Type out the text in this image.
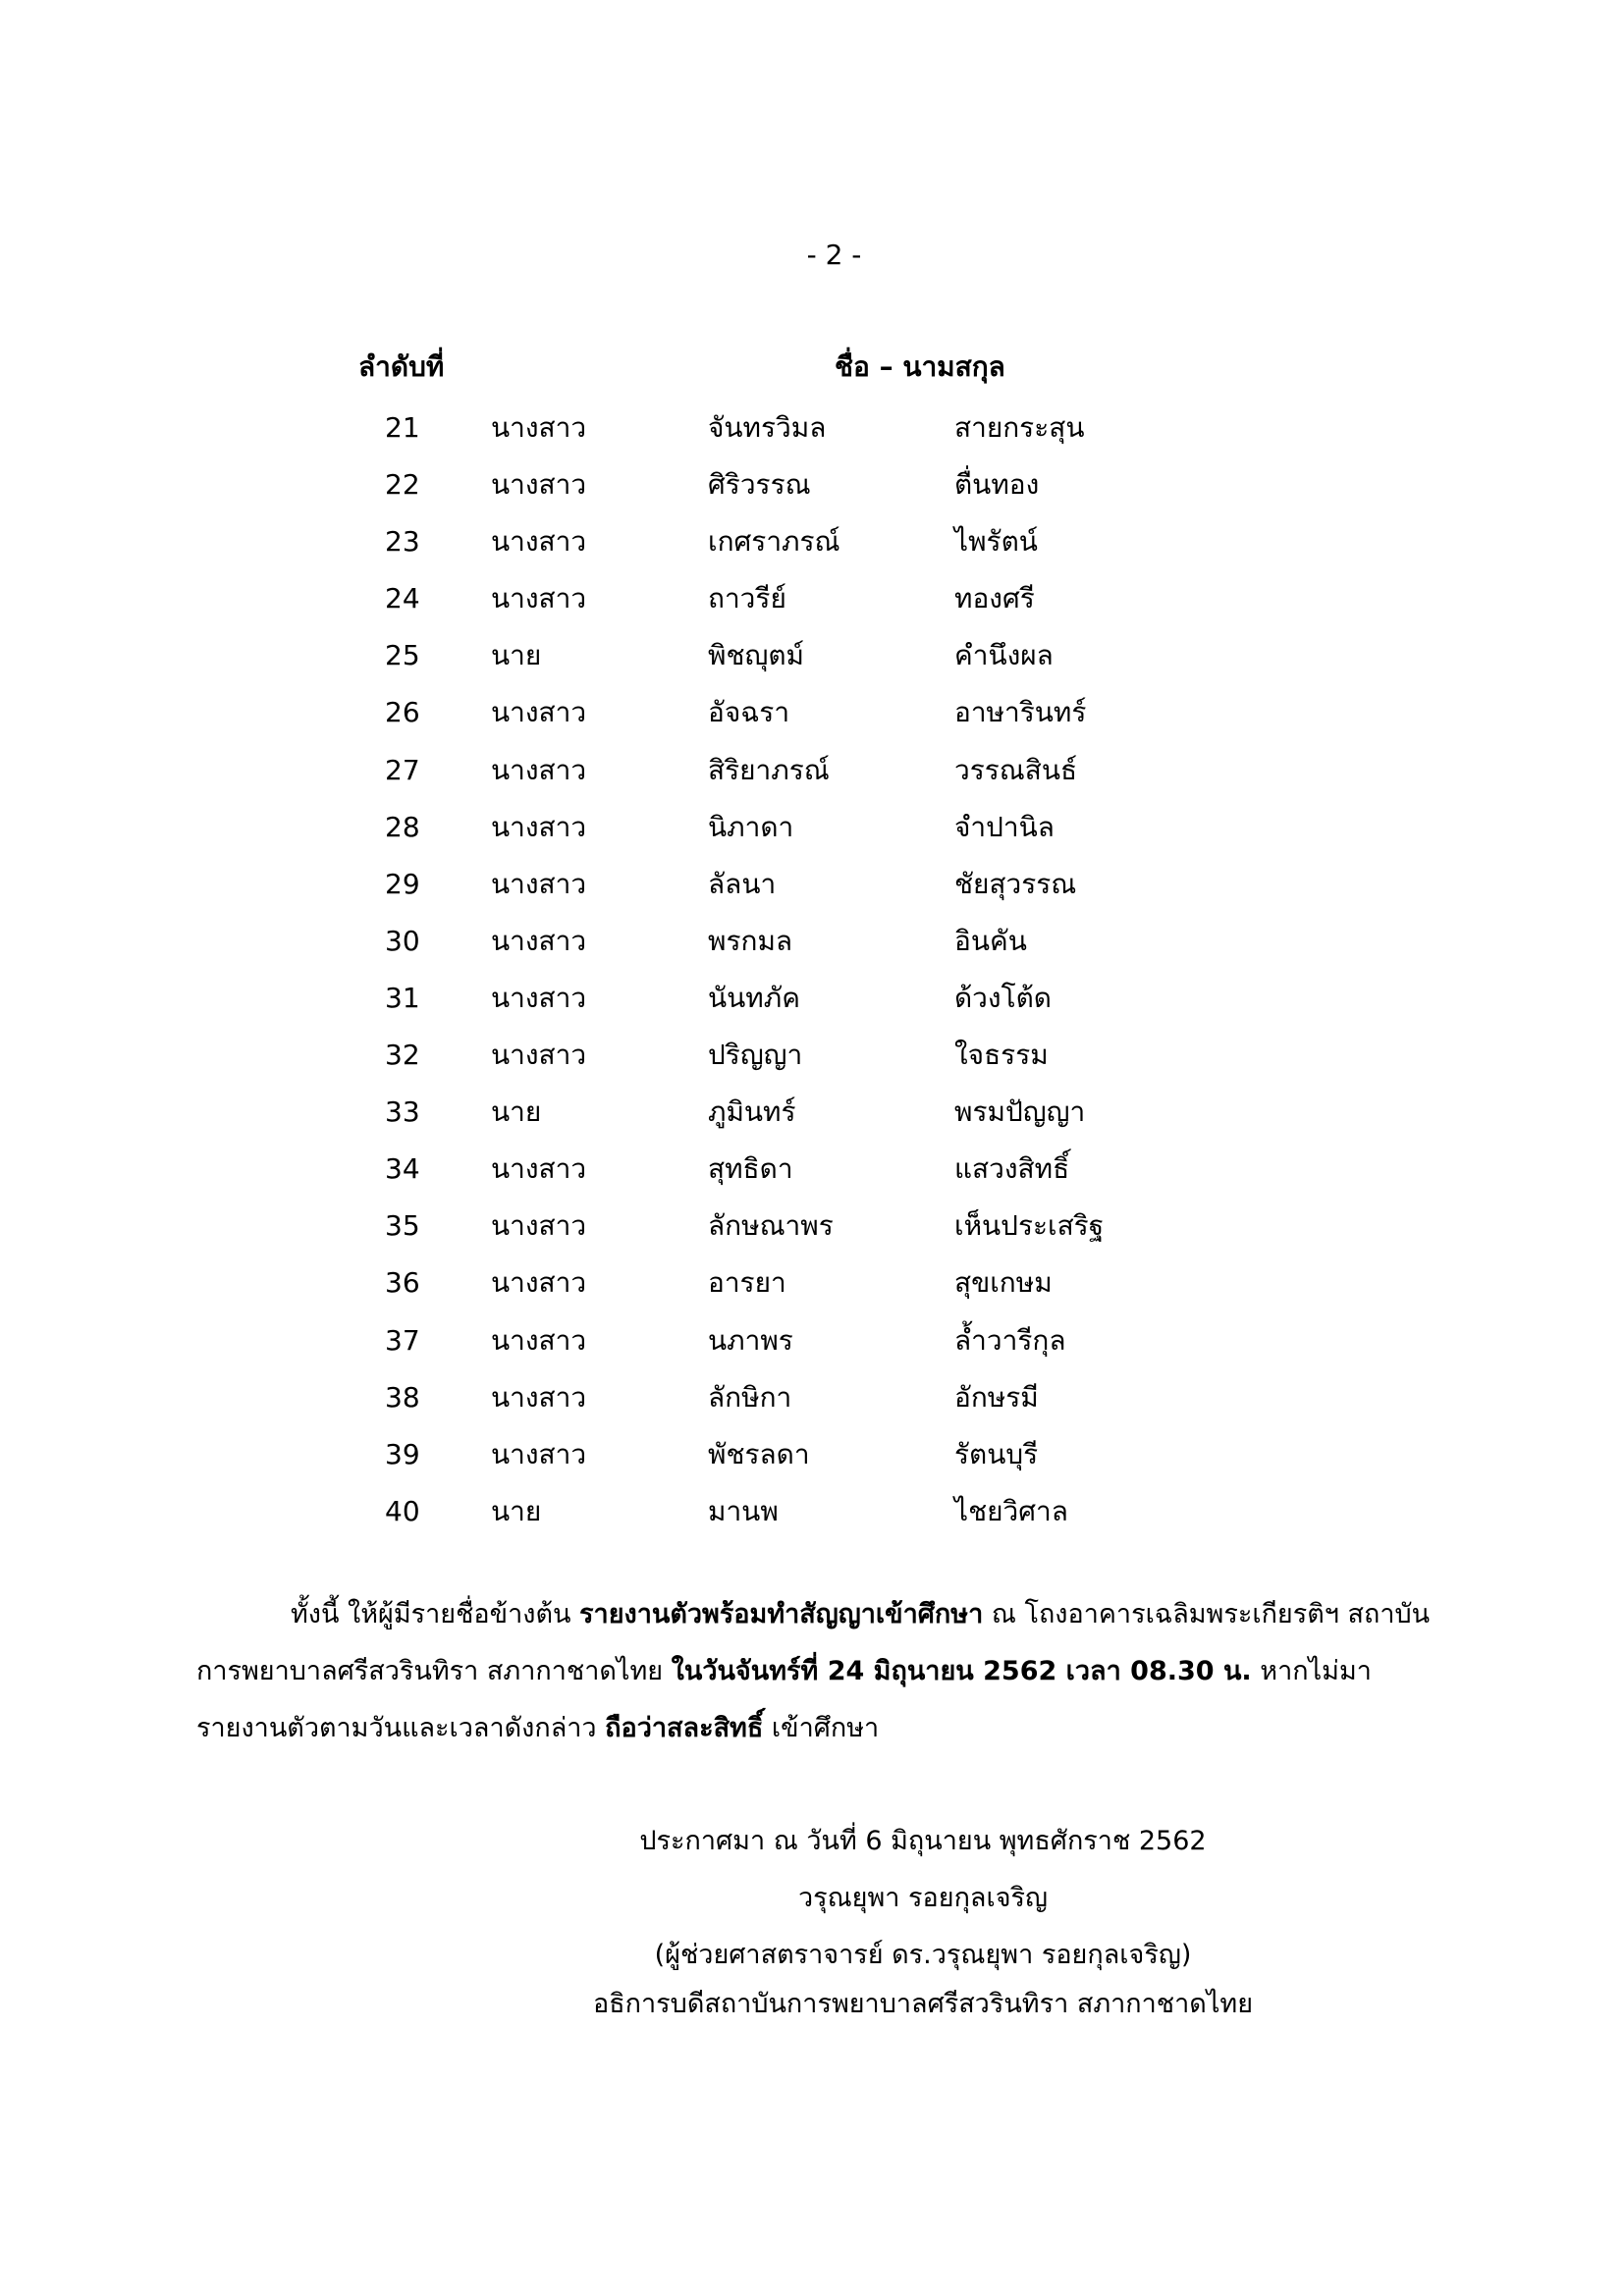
- 2 -
ลำดับที่	ชื่อ – นามสกุล
21	นางสาว	จันทรวิมล	สายกระสุน
22	นางสาว	ศิริวรรณ	ตื่นทอง
23	นางสาว	เกศราภรณ์	ไพรัตน์
24	นางสาว	ถาวรีย์	ทองศรี
25	นาย	พิชญุตม์	คำนึงผล
26	นางสาว	อัจฉรา	อาษารินทร์
27	นางสาว	สิริยาภรณ์	วรรณสินธ์
28	นางสาว	นิภาดา	จำปานิล
29	นางสาว	ลัลนา	ชัยสุวรรณ
30	นางสาว	พรกมล	อินคัน
31	นางสาว	นันทภัค	ด้วงโต้ด
32	นางสาว	ปริญญา	ใจธรรม
33	นาย	ภูมินทร์	พรมปัญญา
34	นางสาว	สุทธิดา	แสวงสิทธิ์
35	นางสาว	ลักษณาพร	เห็นประเสริฐ
36	นางสาว	อารยา	สุขเกษม
37	นางสาว	นภาพร	ล้ำวารีกุล
38	นางสาว	ลักษิกา	อักษรมี
39	นางสาว	พัชรลดา	รัตนบุรี
40	นาย	มานพ	ไชยวิศาล
ทั้งนี้ ให้ผู้มีรายชื่อข้างต้น รายงานตัวพร้อมทำสัญญาเข้าศึกษา ณ โถงอาคารเฉลิมพระเกียรติฯ สถาบันการพยาบาลศรีสวรินทิรา สภากาชาดไทย ในวันจันทร์ที่ 24 มิถุนายน 2562 เวลา 08.30 น. หากไม่มารายงานตัวตามวันและเวลาดังกล่าว ถือว่าสละสิทธิ์ เข้าศึกษา
ประกาศมา ณ วันที่ 6 มิถุนายน พุทธศักราช 2562
วรุณยุพา รอยกุลเจริญ
(ผู้ช่วยศาสตราจารย์ ดร.วรุณยุพา รอยกุลเจริญ)
อธิการบดีสถาบันการพยาบาลศรีสวรินทิรา สภากาชาดไทย
